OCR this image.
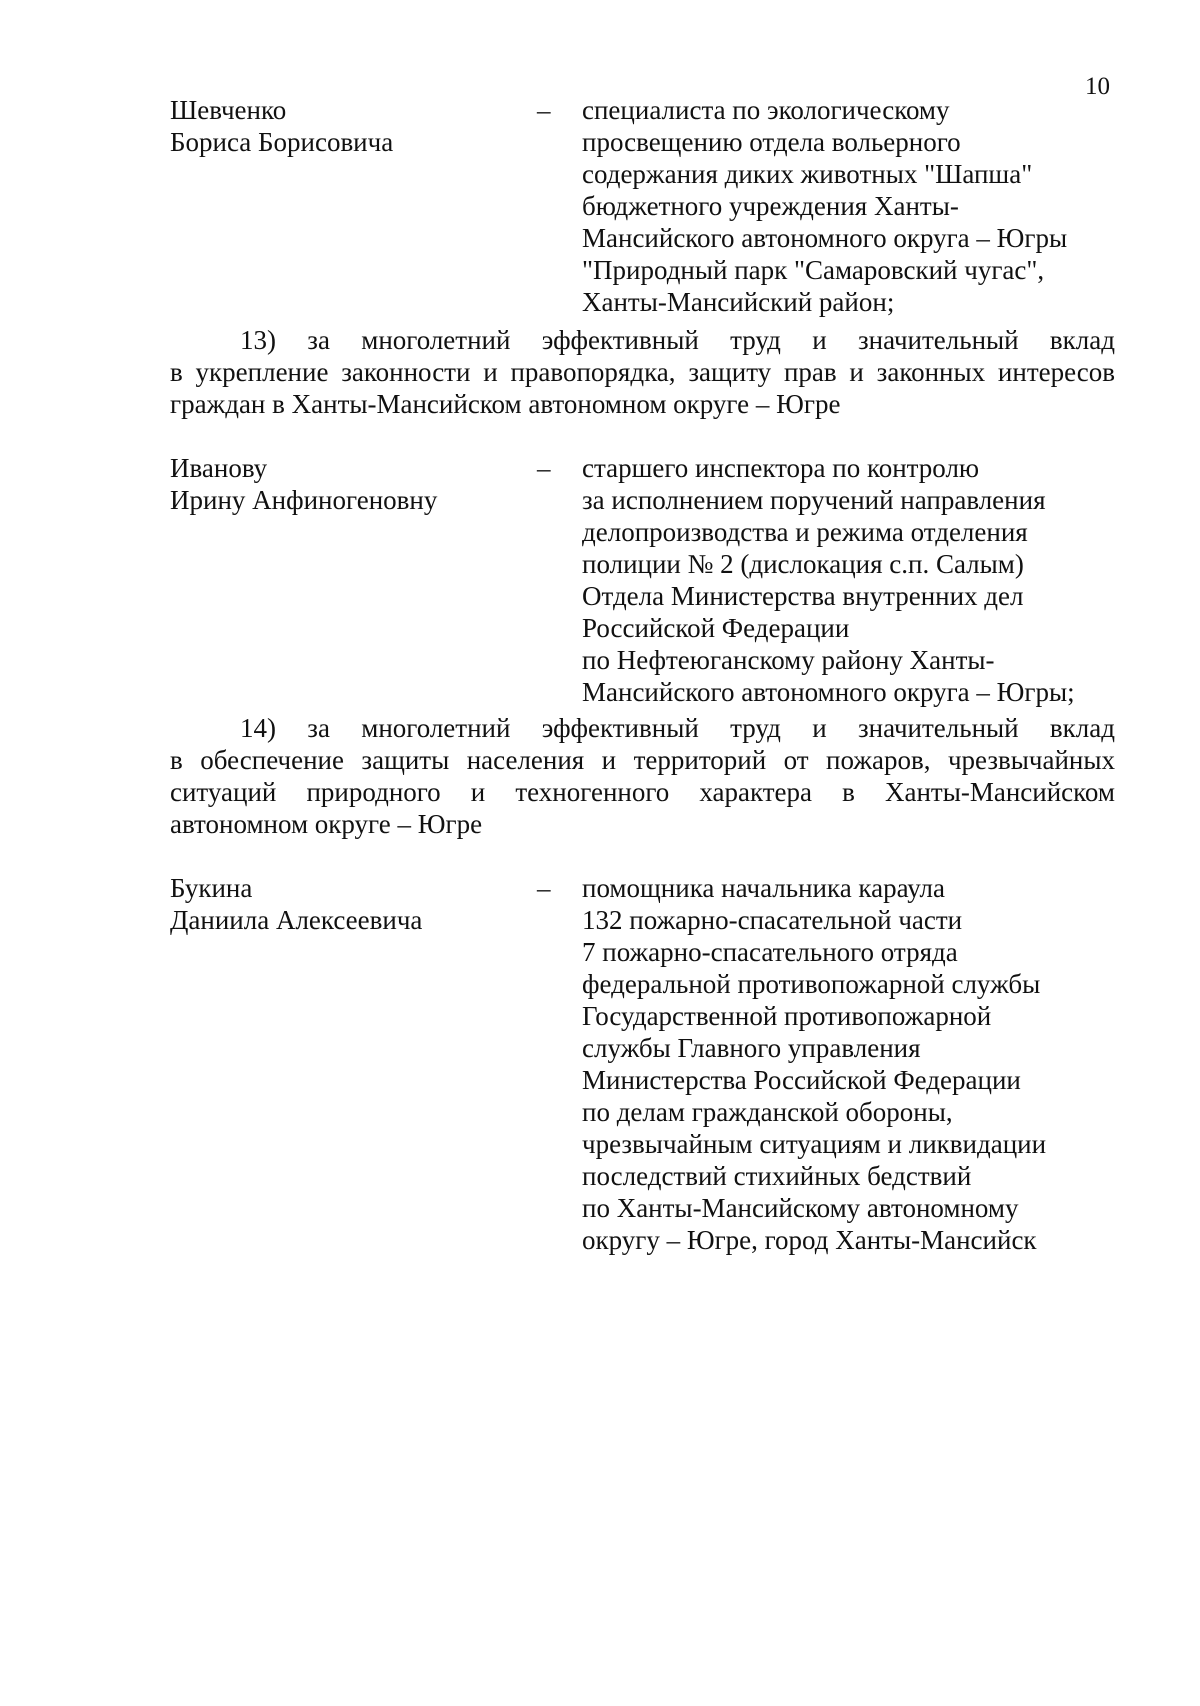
10
Шевченко
Бориса Борисовича
– специалиста по экологическому
просвещению отдела вольерного
содержания диких животных "Шапша"
бюджетного учреждения Ханты-
Мансийского автономного округа – Югры
"Природный парк "Самаровский чугас",
Ханты-Мансийский район;
13) за многолетний эффективный труд и значительный вклад
в укрепление законности и правопорядка, защиту прав и законных интересов
граждан в Ханты-Мансийском автономном округе – Югре
Иванову
Ирину Анфиногеновну
– старшего инспектора по контролю
за исполнением поручений направления
делопроизводства и режима отделения
полиции № 2 (дислокация с.п. Салым)
Отдела Министерства внутренних дел
Российской Федерации
по Нефтеюганскому району Ханты-
Мансийского автономного округа – Югры;
14) за многолетний эффективный труд и значительный вклад
в обеспечение защиты населения и территорий от пожаров, чрезвычайных
ситуаций природного и техногенного характера в Ханты-Мансийском
автономном округе – Югре
Букина
Даниила Алексеевича
– помощника начальника караула
132 пожарно-спасательной части
7 пожарно-спасательного отряда
федеральной противопожарной службы
Государственной противопожарной
службы Главного управления
Министерства Российской Федерации
по делам гражданской обороны,
чрезвычайным ситуациям и ликвидации
последствий стихийных бедствий
по Ханты-Мансийскому автономному
округу – Югре, город Ханты-Мансийск
